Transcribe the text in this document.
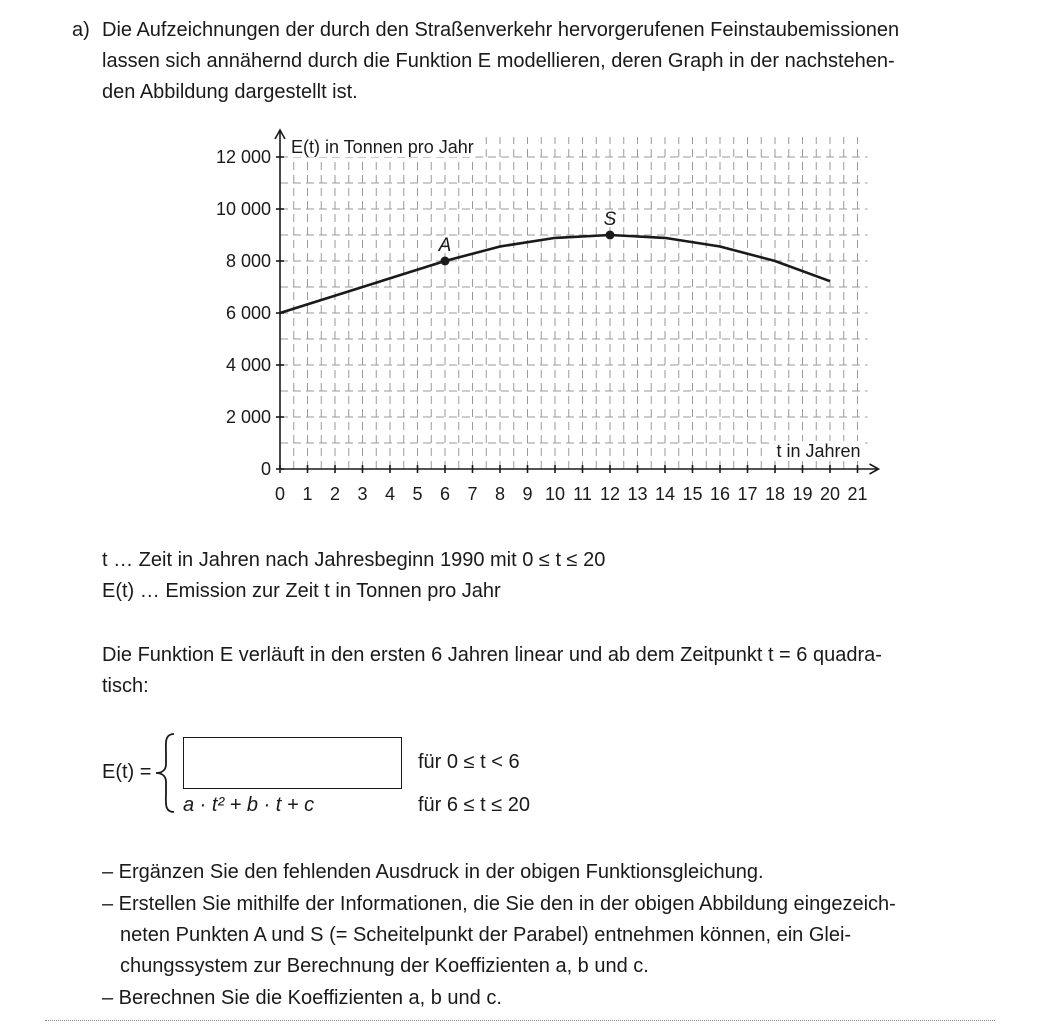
a) Die Aufzeichnungen der durch den Straßenverkehr hervorgerufenen Feinstaubemissionen
lassen sich annähernd durch die Funktion E modellieren, deren Graph in der nachstehen-
den Abbildung dargestellt ist.
0 1 2 3 4 5 6 7 8 9 10 11 12 13 14 15 16 17 18 19 20 21
0
2 000
4 000
6 000
8 000
10 000
12 000
A
S
E(t) in Tonnen pro Jahr
t in Jahren
t … Zeit in Jahren nach Jahresbeginn 1990 mit 0 ≤ t ≤ 20
E(t) … Emission zur Zeit t in Tonnen pro Jahr
Die Funktion E verläuft in den ersten 6 Jahren linear und ab dem Zeitpunkt t = 6 quadra-
tisch:
E(t) =
a · t² + b · t + c
für 0 ≤ t < 6
für 6 ≤ t ≤ 20
– Ergänzen Sie den fehlenden Ausdruck in der obigen Funktionsgleichung.
– Erstellen Sie mithilfe der Informationen, die Sie den in der obigen Abbildung eingezeich-
neten Punkten A und S (= Scheitelpunkt der Parabel) entnehmen können, ein Glei-
chungssystem zur Berechnung der Koeffizienten a, b und c.
– Berechnen Sie die Koeffizienten a, b und c.
